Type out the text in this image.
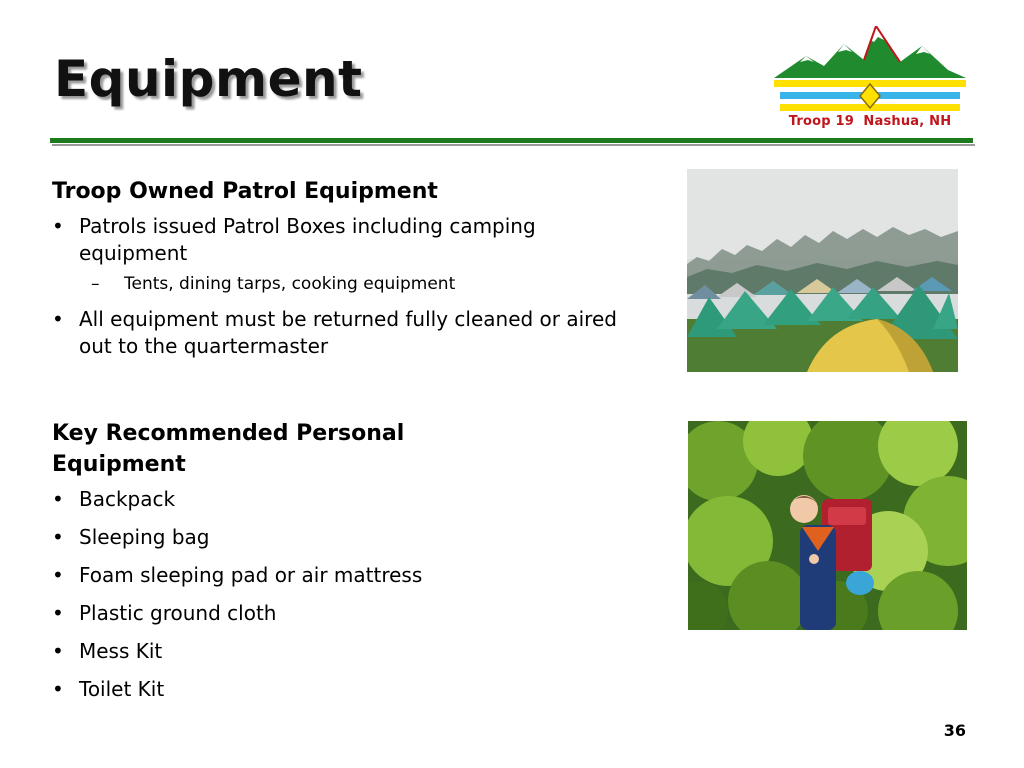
Equipment
Troop 19  Nashua, NH

Troop Owned Patrol Equipment

• Patrols issued Patrol Boxes including camping equipment
– Tents, dining tarps, cooking equipment
• All equipment must be returned fully cleaned or aired out to the quartermaster

Key Recommended Personal Equipment

• Backpack
• Sleeping bag
• Foam sleeping pad or air mattress
• Plastic ground cloth
• Mess Kit
• Toilet Kit
36
